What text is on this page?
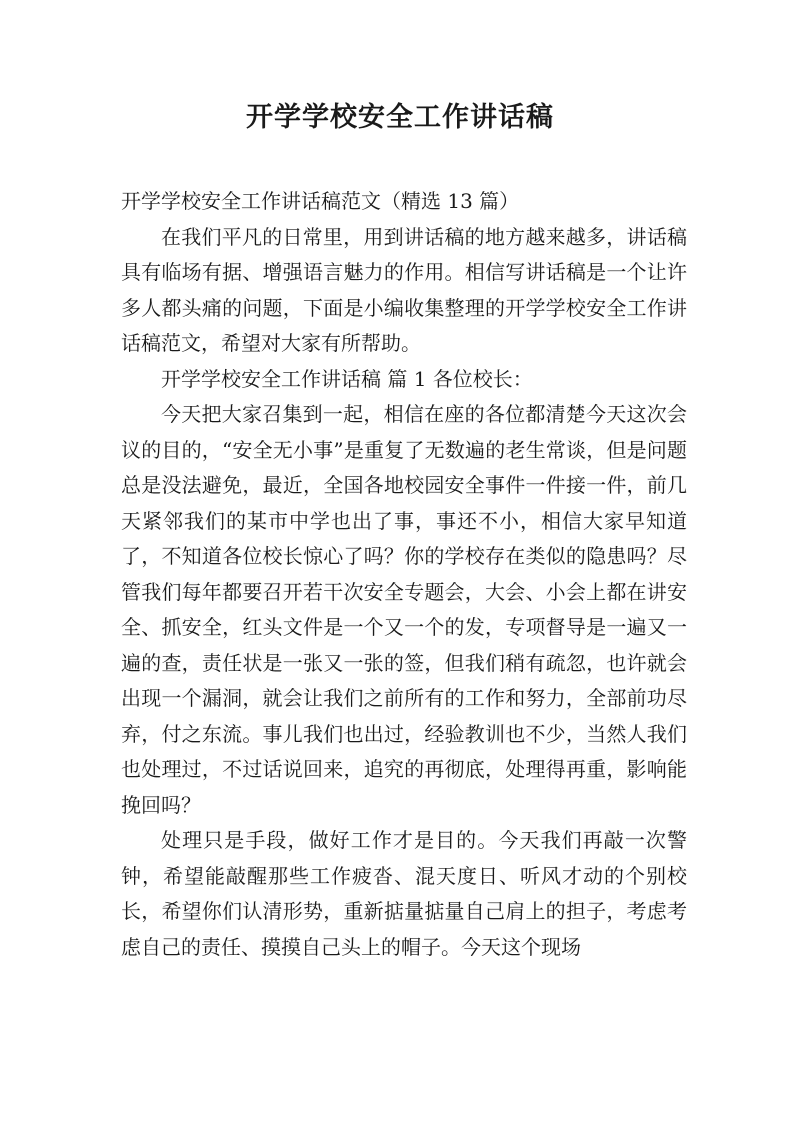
开学学校安全工作讲话稿

开学学校安全工作讲话稿范文（精选 13 篇）

在我们平凡的日常里，用到讲话稿的地方越来越多，讲话稿具有临场有据、增强语言魅力的作用。相信写讲话稿是一个让许多人都头痛的问题，下面是小编收集整理的开学学校安全工作讲话稿范文，希望对大家有所帮助。

开学学校安全工作讲话稿 篇 1 各位校长：

今天把大家召集到一起，相信在座的各位都清楚今天这次会议的目的，“安全无小事”是重复了无数遍的老生常谈，但是问题总是没法避免，最近，全国各地校园安全事件一件接一件，前几天紧邻我们的某市中学也出了事，事还不小，相信大家早知道了，不知道各位校长惊心了吗？你的学校存在类似的隐患吗？尽管我们每年都要召开若干次安全专题会，大会、小会上都在讲安全、抓安全，红头文件是一个又一个的发，专项督导是一遍又一遍的查，责任状是一张又一张的签，但我们稍有疏忽，也许就会出现一个漏洞，就会让我们之前所有的工作和努力，全部前功尽弃，付之东流。事儿我们也出过，经验教训也不少，当然人我们也处理过，不过话说回来，追究的再彻底，处理得再重，影响能挽回吗？

处理只是手段，做好工作才是目的。今天我们再敲一次警钟，希望能敲醒那些工作疲沓、混天度日、听风才动的个别校长，希望你们认清形势，重新掂量掂量自己肩上的担子，考虑考虑自己的责任、摸摸自己头上的帽子。今天这个现场
